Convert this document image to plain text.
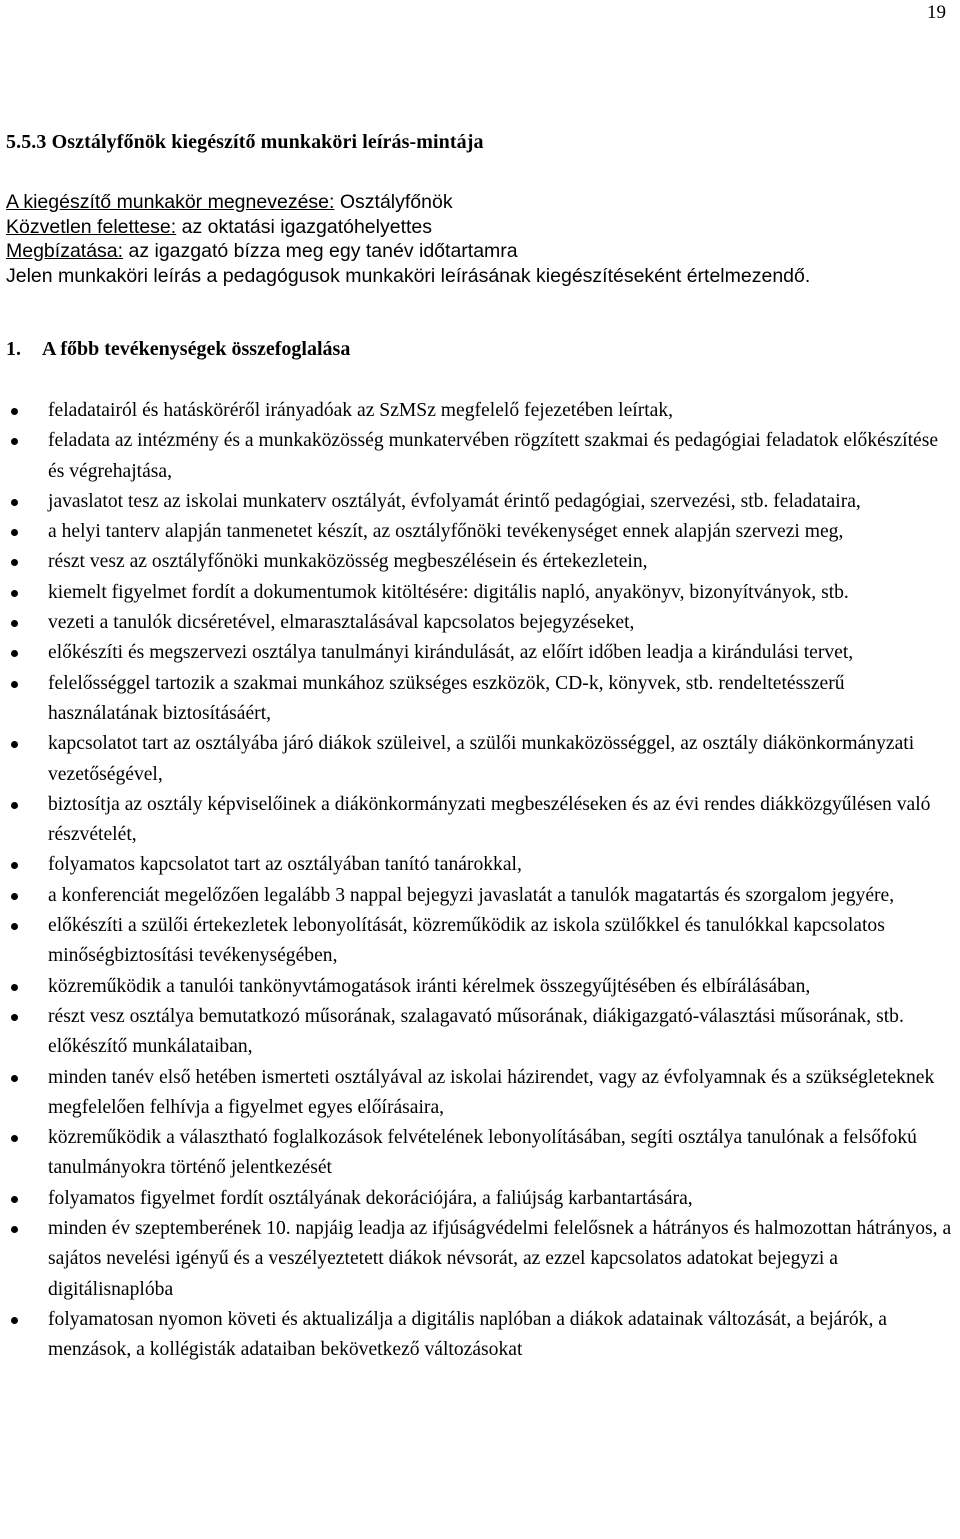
19
5.5.3 Osztályfőnök kiegészítő munkaköri leírás-mintája
A kiegészítő munkakör megnevezése: Osztályfőnök
Közvetlen felettese: az oktatási igazgatóhelyettes
Megbízatása: az igazgató bízza meg egy tanév időtartamra
Jelen munkaköri leírás a pedagógusok munkaköri leírásának kiegészítéseként értelmezendő.
1. A főbb tevékenységek összefoglalása
feladatairól és hatásköréről irányadóak az SzMSz megfelelő fejezetében leírtak,
feladata az intézmény és a munkaközösség munkatervében rögzített szakmai és pedagógiai feladatok előkészítése és végrehajtása,
javaslatot tesz az iskolai munkaterv osztályát, évfolyamát érintő pedagógiai, szervezési, stb. feladataira,
a helyi tanterv alapján tanmenetet készít, az osztályfőnöki tevékenységet ennek alapján szervezi meg,
részt vesz az osztályfőnöki munkaközösség megbeszélésein és értekezletein,
kiemelt figyelmet fordít a dokumentumok kitöltésére: digitális napló, anyakönyv, bizonyítványok, stb.
vezeti a tanulók dicséretével, elmarasztalásával kapcsolatos bejegyzéseket,
előkészíti és megszervezi osztálya tanulmányi kirándulását, az előírt időben leadja a kirándulási tervet,
felelősséggel tartozik a szakmai munkához szükséges eszközök, CD-k, könyvek, stb. rendeltetésszerű használatának biztosításáért,
kapcsolatot tart az osztályába járó diákok szüleivel, a szülői munkaközösséggel, az osztály diákönkormányzati vezetőségével,
biztosítja az osztály képviselőinek a diákönkormányzati megbeszéléseken és az évi rendes diákközgyűlésen való részvételét,
folyamatos kapcsolatot tart az osztályában tanító tanárokkal,
a konferenciát megelőzően legalább 3 nappal bejegyzi javaslatát a tanulók magatartás és szorgalom jegyére,
előkészíti a szülői értekezletek lebonyolítását, közreműködik az iskola szülőkkel és tanulókkal kapcsolatos minőségbiztosítási tevékenységében,
közreműködik a tanulói tankönyvtámogatások iránti kérelmek összegyűjtésében és elbírálásában,
részt vesz osztálya bemutatkozó műsorának, szalagavató műsorának, diákigazgató-választási műsorának, stb. előkészítő munkálataiban,
minden tanév első hetében ismerteti osztályával az iskolai házirendet, vagy az évfolyamnak és a szükségleteknek megfelelően felhívja a figyelmet egyes előírásaira,
közreműködik a választható foglalkozások felvételének lebonyolításában, segíti osztálya tanulónak a felsőfokú tanulmányokra történő jelentkezését
folyamatos figyelmet fordít osztályának dekorációjára, a faliújság karbantartására,
minden év szeptemberének 10. napjáig leadja az ifjúságvédelmi felelősnek a hátrányos és halmozottan hátrányos, a sajátos nevelési igényű és a veszélyeztetett diákok névsorát, az ezzel kapcsolatos adatokat bejegyzi a digitálisnaplóba
folyamatosan nyomon követi és aktualizálja a digitális naplóban a diákok adatainak változását, a bejárók, a menzások, a kollégisták adataiban bekövetkező változásokat
